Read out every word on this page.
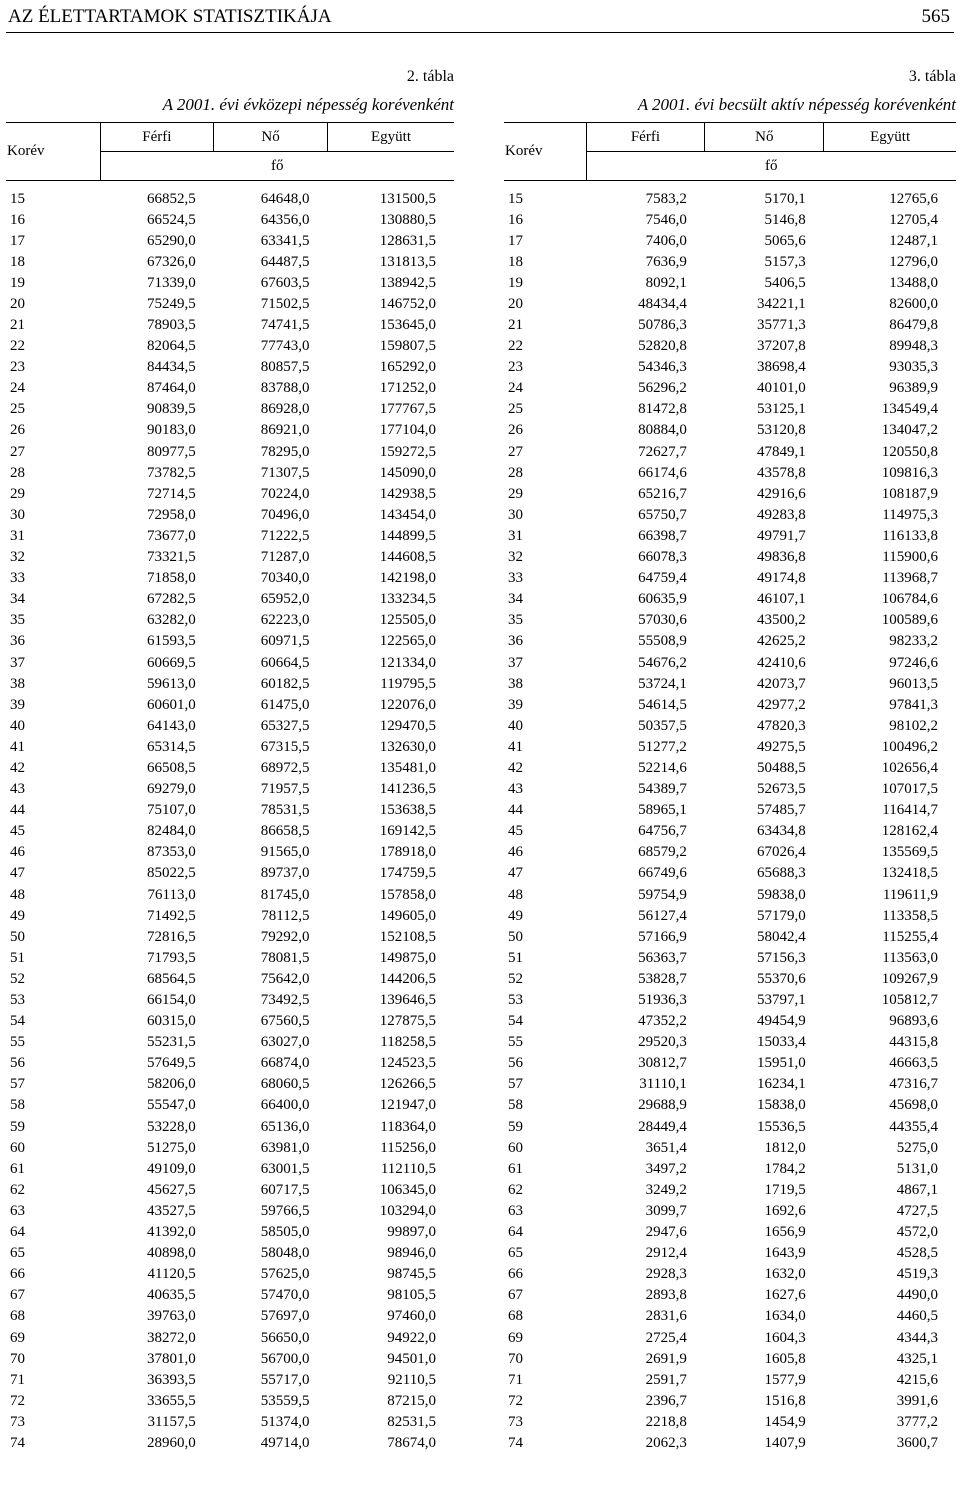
AZ ÉLETTARTAMOK STATISZTIKÁJA	565
2. tábla
A 2001. évi évközepi népesség korévenként
Korév	Férfi	Nő	Együtt
	fő		
15	66852,5	64648,0	131500,5
16	66524,5	64356,0	130880,5
17	65290,0	63341,5	128631,5
18	67326,0	64487,5	131813,5
19	71339,0	67603,5	138942,5
20	75249,5	71502,5	146752,0
21	78903,5	74741,5	153645,0
22	82064,5	77743,0	159807,5
23	84434,5	80857,5	165292,0
24	87464,0	83788,0	171252,0
25	90839,5	86928,0	177767,5
26	90183,0	86921,0	177104,0
27	80977,5	78295,0	159272,5
28	73782,5	71307,5	145090,0
29	72714,5	70224,0	142938,5
30	72958,0	70496,0	143454,0
31	73677,0	71222,5	144899,5
32	73321,5	71287,0	144608,5
33	71858,0	70340,0	142198,0
34	67282,5	65952,0	133234,5
35	63282,0	62223,0	125505,0
36	61593,5	60971,5	122565,0
37	60669,5	60664,5	121334,0
38	59613,0	60182,5	119795,5
39	60601,0	61475,0	122076,0
40	64143,0	65327,5	129470,5
41	65314,5	67315,5	132630,0
42	66508,5	68972,5	135481,0
43	69279,0	71957,5	141236,5
44	75107,0	78531,5	153638,5
45	82484,0	86658,5	169142,5
46	87353,0	91565,0	178918,0
47	85022,5	89737,0	174759,5
48	76113,0	81745,0	157858,0
49	71492,5	78112,5	149605,0
50	72816,5	79292,0	152108,5
51	71793,5	78081,5	149875,0
52	68564,5	75642,0	144206,5
53	66154,0	73492,5	139646,5
54	60315,0	67560,5	127875,5
55	55231,5	63027,0	118258,5
56	57649,5	66874,0	124523,5
57	58206,0	68060,5	126266,5
58	55547,0	66400,0	121947,0
59	53228,0	65136,0	118364,0
60	51275,0	63981,0	115256,0
61	49109,0	63001,5	112110,5
62	45627,5	60717,5	106345,0
63	43527,5	59766,5	103294,0
64	41392,0	58505,0	99897,0
65	40898,0	58048,0	98946,0
66	41120,5	57625,0	98745,5
67	40635,5	57470,0	98105,5
68	39763,0	57697,0	97460,0
69	38272,0	56650,0	94922,0
70	37801,0	56700,0	94501,0
71	36393,5	55717,0	92110,5
72	33655,5	53559,5	87215,0
73	31157,5	51374,0	82531,5
74	28960,0	49714,0	78674,0
3. tábla
A 2001. évi becsült aktív népesség korévenként
Korév	Férfi	Nő	Együtt
	fő		
15	7583,2	5170,1	12765,6
16	7546,0	5146,8	12705,4
17	7406,0	5065,6	12487,1
18	7636,9	5157,3	12796,0
19	8092,1	5406,5	13488,0
20	48434,4	34221,1	82600,0
21	50786,3	35771,3	86479,8
22	52820,8	37207,8	89948,3
23	54346,3	38698,4	93035,3
24	56296,2	40101,0	96389,9
25	81472,8	53125,1	134549,4
26	80884,0	53120,8	134047,2
27	72627,7	47849,1	120550,8
28	66174,6	43578,8	109816,3
29	65216,7	42916,6	108187,9
30	65750,7	49283,8	114975,3
31	66398,7	49791,7	116133,8
32	66078,3	49836,8	115900,6
33	64759,4	49174,8	113968,7
34	60635,9	46107,1	106784,6
35	57030,6	43500,2	100589,6
36	55508,9	42625,2	98233,2
37	54676,2	42410,6	97246,6
38	53724,1	42073,7	96013,5
39	54614,5	42977,2	97841,3
40	50357,5	47820,3	98102,2
41	51277,2	49275,5	100496,2
42	52214,6	50488,5	102656,4
43	54389,7	52673,5	107017,5
44	58965,1	57485,7	116414,7
45	64756,7	63434,8	128162,4
46	68579,2	67026,4	135569,5
47	66749,6	65688,3	132418,5
48	59754,9	59838,0	119611,9
49	56127,4	57179,0	113358,5
50	57166,9	58042,4	115255,4
51	56363,7	57156,3	113563,0
52	53828,7	55370,6	109267,9
53	51936,3	53797,1	105812,7
54	47352,2	49454,9	96893,6
55	29520,3	15033,4	44315,8
56	30812,7	15951,0	46663,5
57	31110,1	16234,1	47316,7
58	29688,9	15838,0	45698,0
59	28449,4	15536,5	44355,4
60	3651,4	1812,0	5275,0
61	3497,2	1784,2	5131,0
62	3249,2	1719,5	4867,1
63	3099,7	1692,6	4727,5
64	2947,6	1656,9	4572,0
65	2912,4	1643,9	4528,5
66	2928,3	1632,0	4519,3
67	2893,8	1627,6	4490,0
68	2831,6	1634,0	4460,5
69	2725,4	1604,3	4344,3
70	2691,9	1605,8	4325,1
71	2591,7	1577,9	4215,6
72	2396,7	1516,8	3991,6
73	2218,8	1454,9	3777,2
74	2062,3	1407,9	3600,7
